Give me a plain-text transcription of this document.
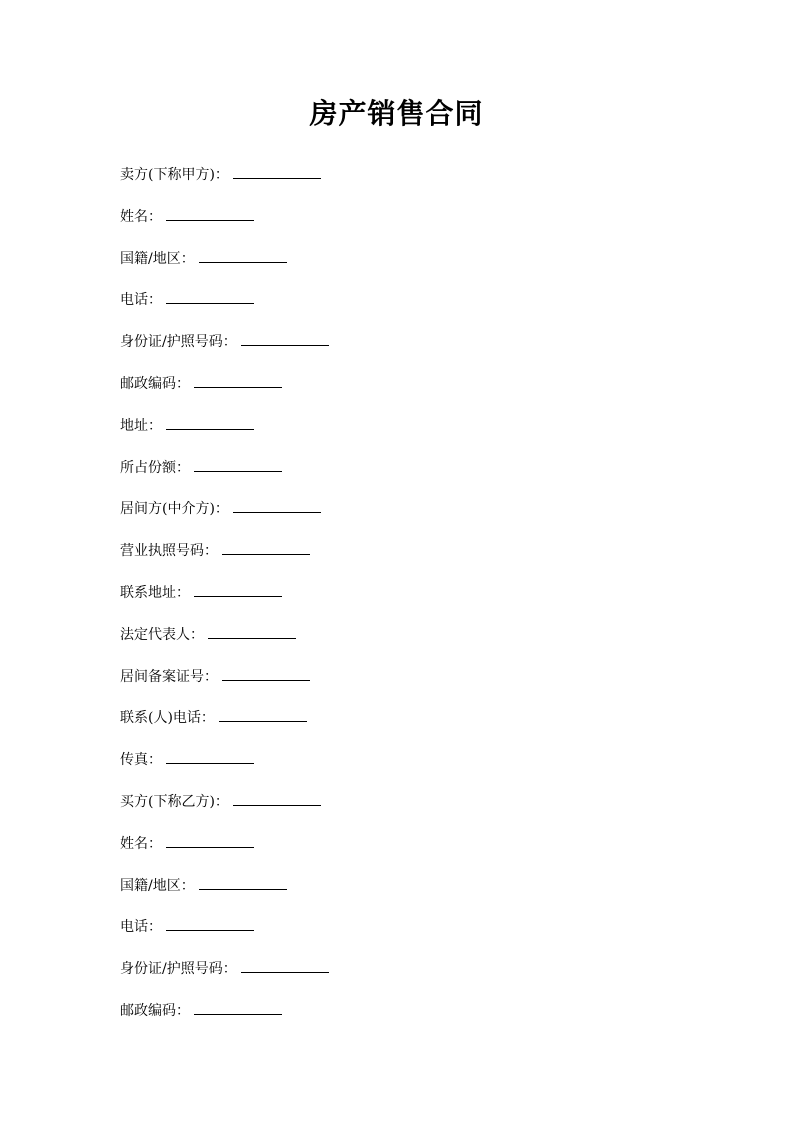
房产销售合同
卖方(下称甲方)：
姓名：
国籍/地区：
电话：
身份证/护照号码：
邮政编码：
地址：
所占份额：
居间方(中介方)：
营业执照号码：
联系地址：
法定代表人：
居间备案证号：
联系(人)电话：
传真：
买方(下称乙方)：
姓名：
国籍/地区：
电话：
身份证/护照号码：
邮政编码：
